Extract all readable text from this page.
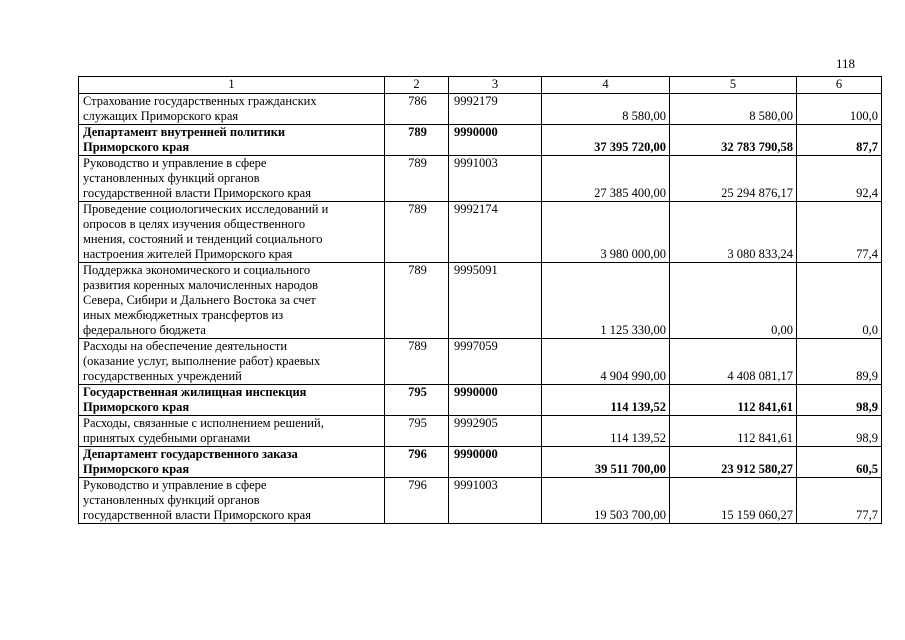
118
1	2	3	4	5	6

Страхование государственных гражданских
служащих Приморского края	786	9992179	8 580,00	8 580,00	100,0

Департамент внутренней политики
Приморского края	789	9990000	37 395 720,00	32 783 790,58	87,7

Руководство и управление в сфере
установленных функций органов
государственной власти Приморского края	789	9991003	27 385 400,00	25 294 876,17	92,4

Проведение социологических исследований и
опросов в целях изучения общественного
мнения, состояний и тенденций социального
настроения жителей Приморского края	789	9992174	3 980 000,00	3 080 833,24	77,4

Поддержка экономического и социального
развития коренных малочисленных народов
Севера, Сибири и Дальнего Востока за счет
иных межбюджетных трансфертов из
федерального бюджета	789	9995091	1 125 330,00	0,00	0,0

Расходы на обеспечение деятельности
(оказание услуг, выполнение работ) краевых
государственных учреждений	789	9997059	4 904 990,00	4 408 081,17	89,9

Государственная жилищная инспекция
Приморского края	795	9990000	114 139,52	112 841,61	98,9

Расходы, связанные с исполнением решений,
принятых судебными органами	795	9992905	114 139,52	112 841,61	98,9

Департамент государственного заказа
Приморского края	796	9990000	39 511 700,00	23 912 580,27	60,5

Руководство и управление в сфере
установленных функций органов
государственной власти Приморского края	796	9991003	19 503 700,00	15 159 060,27	77,7
